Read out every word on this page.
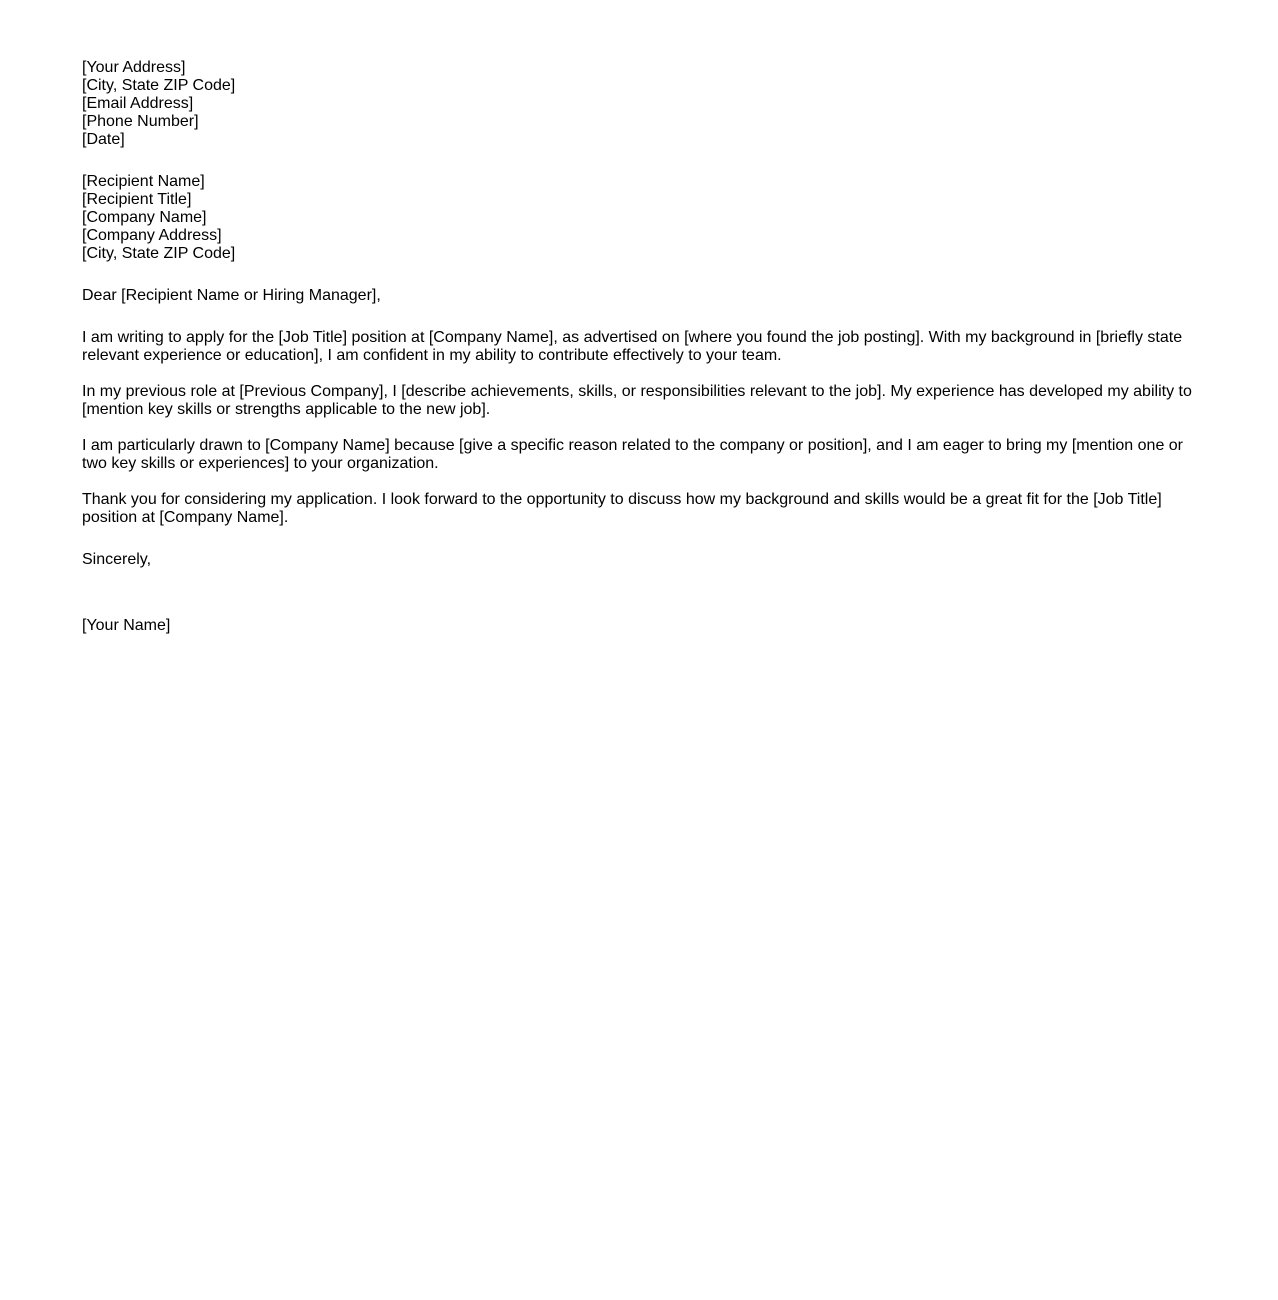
[Your Address]
[City, State ZIP Code]
[Email Address]
[Phone Number]
[Date]
[Recipient Name]
[Recipient Title]
[Company Name]
[Company Address]
[City, State ZIP Code]

Dear [Recipient Name or Hiring Manager],

I am writing to apply for the [Job Title] position at [Company Name], as advertised on [where you found the job posting]. With my background in [briefly state relevant experience or education], I am confident in my ability to contribute effectively to your team.

In my previous role at [Previous Company], I [describe achievements, skills, or responsibilities relevant to the job]. My experience has developed my ability to [mention key skills or strengths applicable to the new job].

I am particularly drawn to [Company Name] because [give a specific reason related to the company or position], and I am eager to bring my [mention one or two key skills or experiences] to your organization.

Thank you for considering my application. I look forward to the opportunity to discuss how my background and skills would be a great fit for the [Job Title] position at [Company Name].

Sincerely,

[Your Name]
